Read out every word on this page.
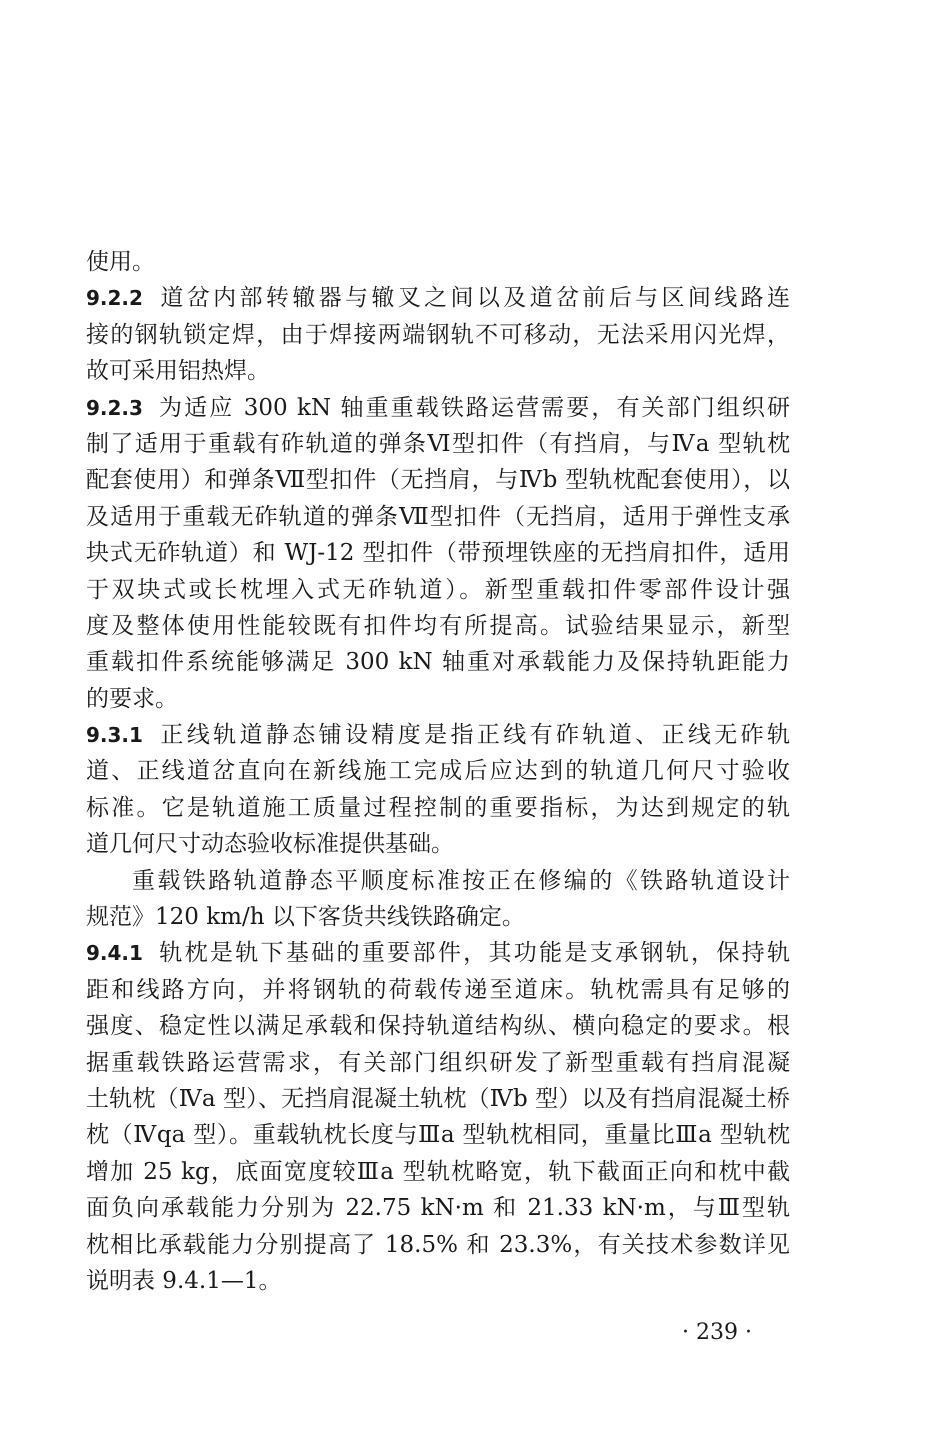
使用。
9.2.2 道岔内部转辙器与辙叉之间以及道岔前后与区间线路连
接的钢轨锁定焊，由于焊接两端钢轨不可移动，无法采用闪光焊，
故可采用铝热焊。
9.2.3 为适应 300 kN 轴重重载铁路运营需要，有关部门组织研
制了适用于重载有砟轨道的弹条Ⅵ型扣件（有挡肩，与Ⅳa 型轨枕
配套使用）和弹条Ⅶ型扣件（无挡肩，与Ⅳb 型轨枕配套使用），以
及适用于重载无砟轨道的弹条Ⅶ型扣件（无挡肩，适用于弹性支承
块式无砟轨道）和 WJ-12 型扣件（带预埋铁座的无挡肩扣件，适用
于双块式或长枕埋入式无砟轨道）。新型重载扣件零部件设计强
度及整体使用性能较既有扣件均有所提高。试验结果显示，新型
重载扣件系统能够满足 300 kN 轴重对承载能力及保持轨距能力
的要求。
9.3.1 正线轨道静态铺设精度是指正线有砟轨道、正线无砟轨
道、正线道岔直向在新线施工完成后应达到的轨道几何尺寸验收
标准。它是轨道施工质量过程控制的重要指标，为达到规定的轨
道几何尺寸动态验收标准提供基础。
重载铁路轨道静态平顺度标准按正在修编的《铁路轨道设计
规范》120 km/h 以下客货共线铁路确定。
9.4.1 轨枕是轨下基础的重要部件，其功能是支承钢轨，保持轨
距和线路方向，并将钢轨的荷载传递至道床。轨枕需具有足够的
强度、稳定性以满足承载和保持轨道结构纵、横向稳定的要求。根
据重载铁路运营需求，有关部门组织研发了新型重载有挡肩混凝
土轨枕（Ⅳa 型）、无挡肩混凝土轨枕（Ⅳb 型）以及有挡肩混凝土桥
枕（Ⅳqa 型）。重载轨枕长度与Ⅲa 型轨枕相同，重量比Ⅲa 型轨枕
增加 25 kg，底面宽度较Ⅲa 型轨枕略宽，轨下截面正向和枕中截
面负向承载能力分别为 22.75 kN·m 和 21.33 kN·m，与Ⅲ型轨
枕相比承载能力分别提高了 18.5% 和 23.3%，有关技术参数详见
说明表 9.4.1—1。
· 239 ·
